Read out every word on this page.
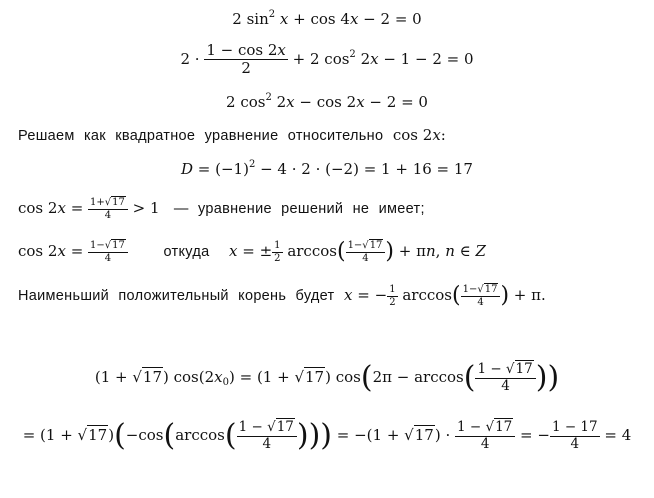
2 $\sin^2 x + \cos 4x - 2 = 0$
$2 \cdot \frac{1 - \cos 2x}{2} + 2$ $\cos^2 2x - 1 - 2 = 0$
2 $\cos^2 2x - \cos 2x - 2 = 0$
Решаем как квадратное уравнение относительно  cos 2x:
$D = (-1)^2 - 4 \cdot 2 \cdot (-2) = 1 + 16 = 17$
$\cos 2x = \frac{1+√17}{4} > 1$   — уравнение решений не имеет;
$\cos 2x = \frac{1-√17}{4}$ откуда x = ± $\frac{1}{2} \arccos( \frac{1-√17}{4}$ ) + πn, n ∈ Z
Наименьший положительный корень будет x = − $\frac{1}{2} \arccos( \frac{1-√17}{4}$ ) + π.
(1 + √17) $\cos(2x_0) = (1 + √17) \cos(2\pi - \arccos( \frac{1 - √17}{4}$ ))
= $(1 + √17)(-\cos(\arccos( \frac{1 - √17}{4}$ ))) = $-(1 + √17) \cdot \frac{1 - √17}{4}$ = − $\frac{1 - 17}{4} = 4$
